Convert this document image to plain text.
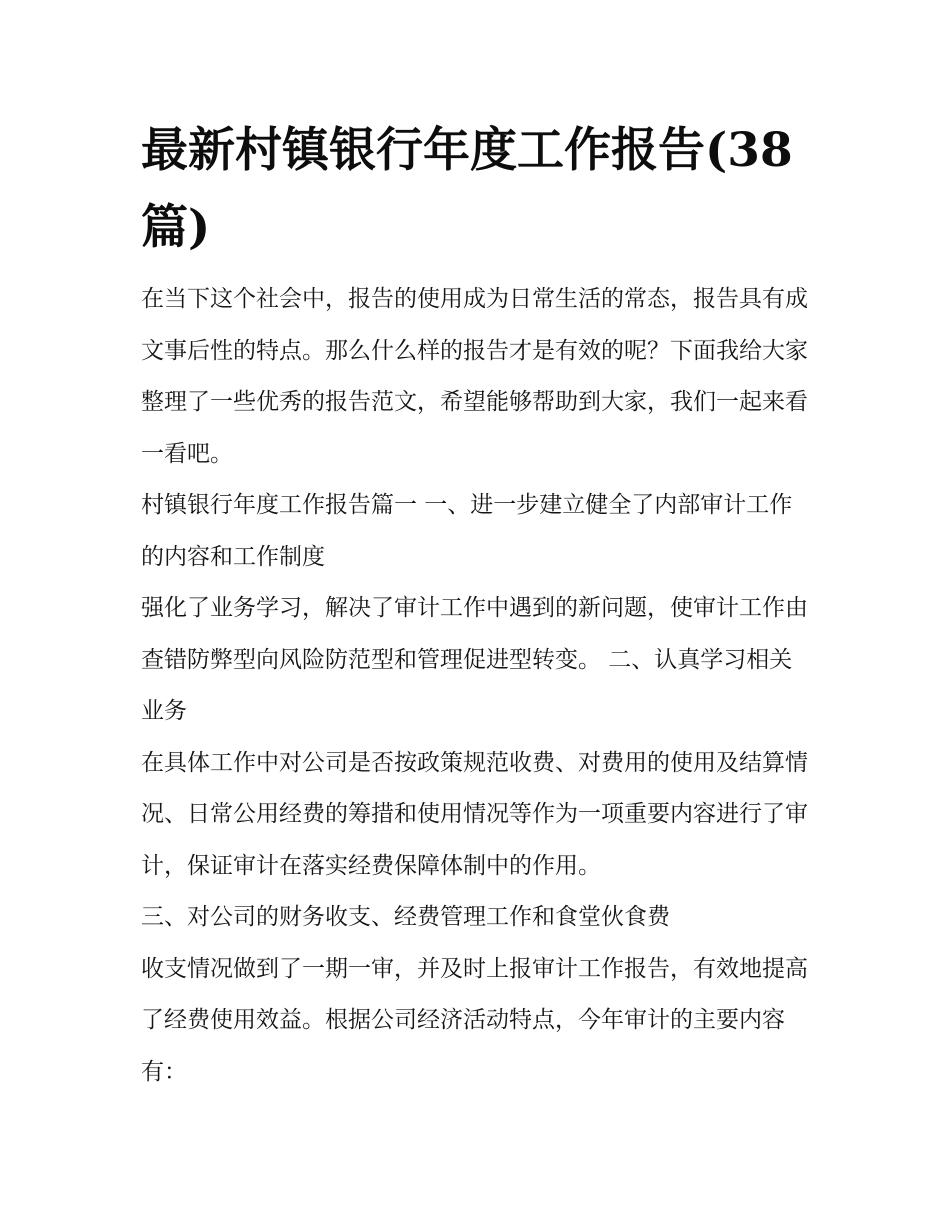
最新村镇银行年度工作报告(38篇)

在当下这个社会中，报告的使用成为日常生活的常态，报告具有成文事后性的特点。那么什么样的报告才是有效的呢？下面我给大家整理了一些优秀的报告范文，希望能够帮助到大家，我们一起来看一看吧。

村镇银行年度工作报告篇一 一、进一步建立健全了内部审计工作的内容和工作制度

强化了业务学习，解决了审计工作中遇到的新问题，使审计工作由查错防弊型向风险防范型和管理促进型转变。 二、认真学习相关业务

在具体工作中对公司是否按政策规范收费、对费用的使用及结算情况、日常公用经费的筹措和使用情况等作为一项重要内容进行了审计，保证审计在落实经费保障体制中的作用。

三、对公司的财务收支、经费管理工作和食堂伙食费

收支情况做到了一期一审，并及时上报审计工作报告，有效地提高了经费使用效益。根据公司经济活动特点，今年审计的主要内容有：
